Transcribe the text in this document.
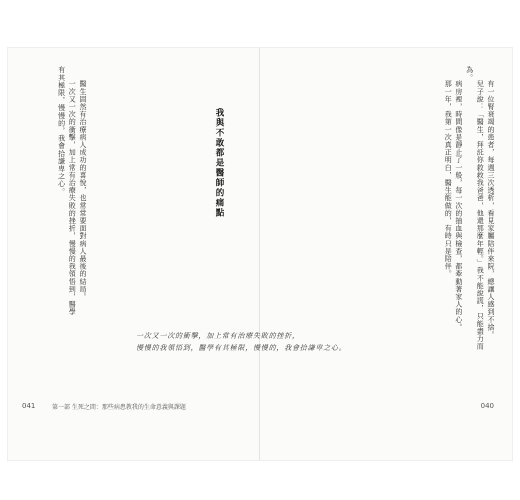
有一位腎衰竭的患者，每週三次透析，看見家屬陪伴來院，總讓人感到不捨。

兒子說：「醫生，拜託你救救我爸爸，他還那麼年輕。」我不能說謊，只能盡力而為。

病房裡，時間像是靜止了一般，每一次的抽血與檢查，都牽動著家人的心。

那一年，我第一次真正明白，醫生能做的，有時只是陪伴。

我與不敢都是醫師的痛點

醫生固然有治療病人成功的喜悅，也常常要面對病人最後的結局。

一次又一次的衝擊，加上常有治療失敗的挫折，慢慢的我領悟到，醫學有其極限，慢慢的，我會拾謙卑之心。

一次又一次的衝擊，加上常有治療失敗的挫折，
慢慢的我領悟到，醫學有其極限，慢慢的，我會拾謙卑之心。
041	第一部 生死之間：那些病患教我的生命意義與課題	040
